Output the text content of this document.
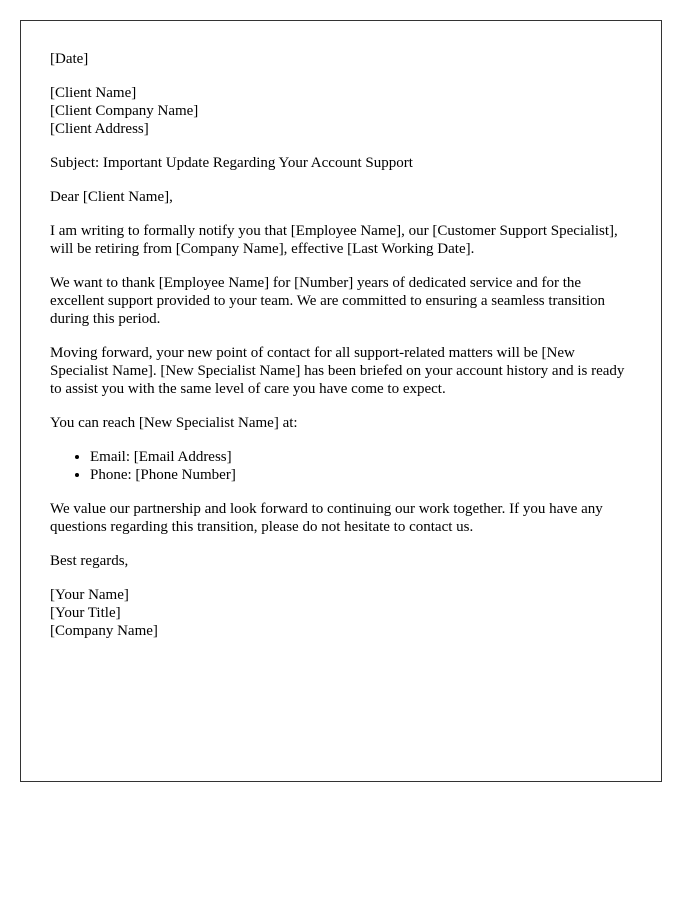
[Date]

[Client Name]
[Client Company Name]
[Client Address]

Subject: Important Update Regarding Your Account Support

Dear [Client Name],

I am writing to formally notify you that [Employee Name], our [Customer Support Specialist], will be retiring from [Company Name], effective [Last Working Date].

We want to thank [Employee Name] for [Number] years of dedicated service and for the excellent support provided to your team. We are committed to ensuring a seamless transition during this period.

Moving forward, your new point of contact for all support-related matters will be [New Specialist Name]. [New Specialist Name] has been briefed on your account history and is ready to assist you with the same level of care you have come to expect.

You can reach [New Specialist Name] at:

• Email: [Email Address]
• Phone: [Phone Number]

We value our partnership and look forward to continuing our work together. If you have any questions regarding this transition, please do not hesitate to contact us.

Best regards,

[Your Name]
[Your Title]
[Company Name]
